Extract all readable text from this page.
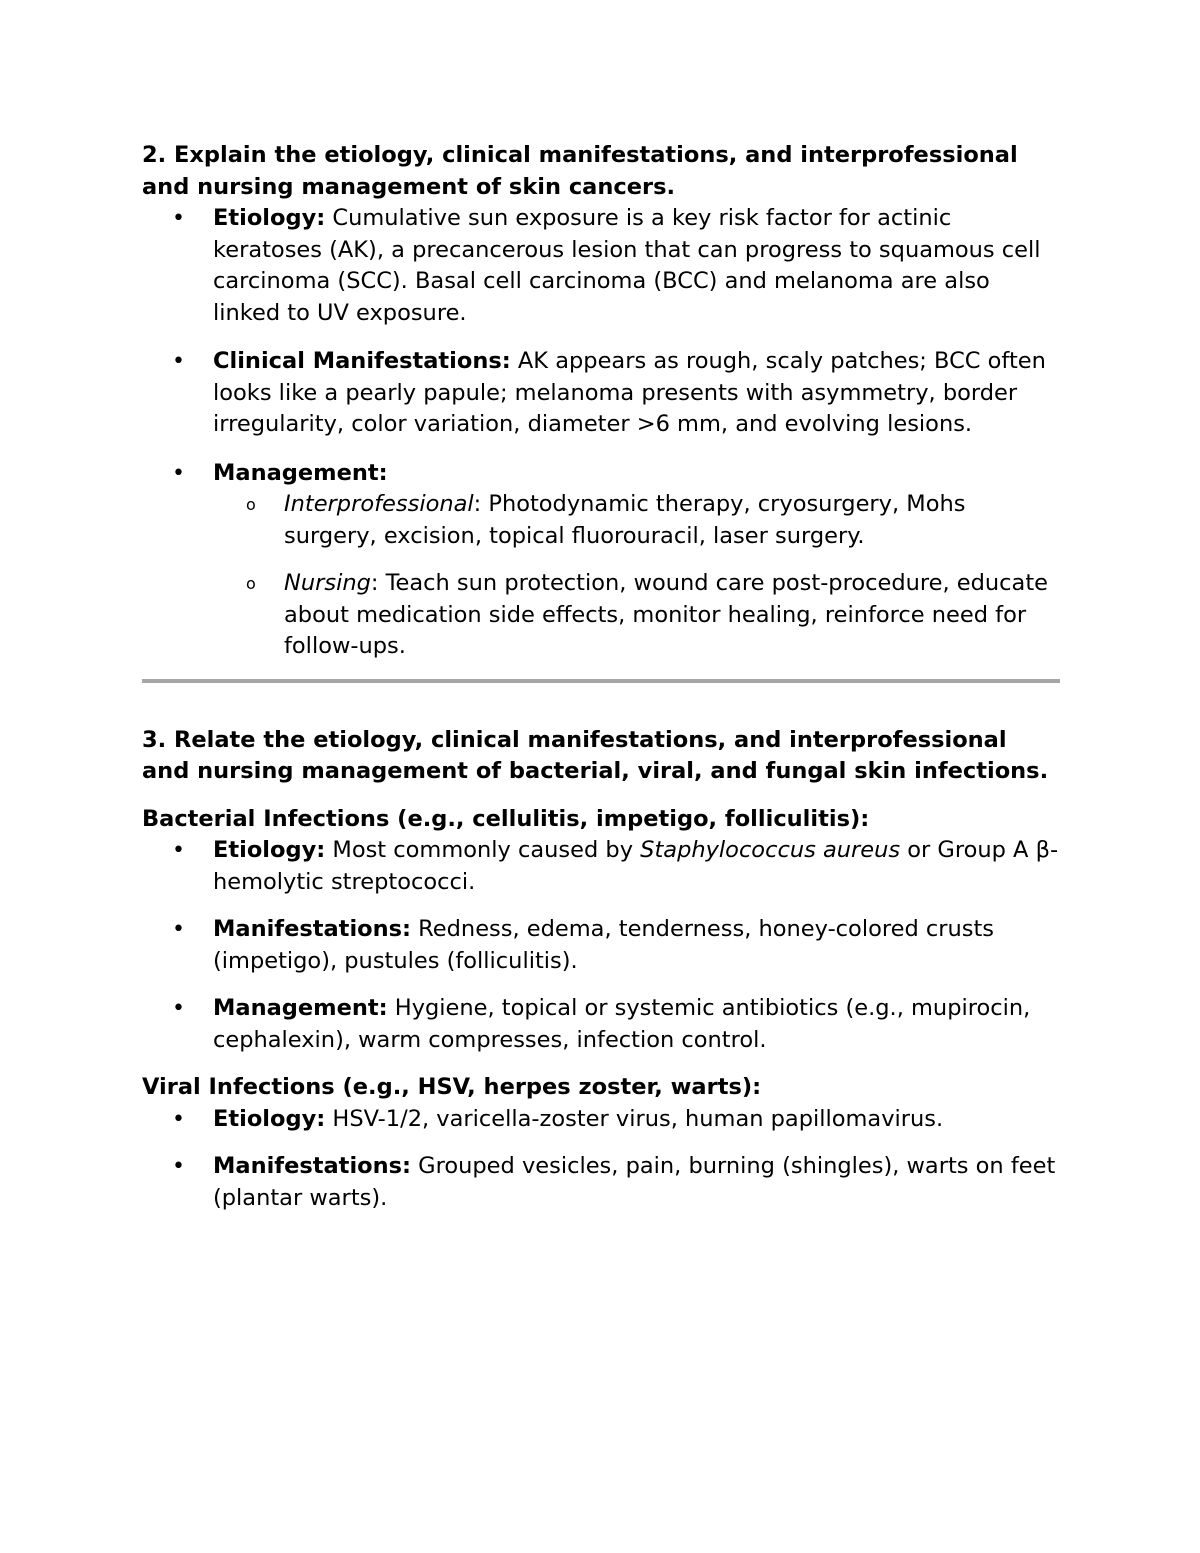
2. Explain the etiology, clinical manifestations, and interprofessional and nursing management of skin cancers.

• Etiology: Cumulative sun exposure is a key risk factor for actinic keratoses (AK), a precancerous lesion that can progress to squamous cell carcinoma (SCC). Basal cell carcinoma (BCC) and melanoma are also linked to UV exposure.
• Clinical Manifestations: AK appears as rough, scaly patches; BCC often looks like a pearly papule; melanoma presents with asymmetry, border irregularity, color variation, diameter >6 mm, and evolving lesions.
• Management:
o Interprofessional: Photodynamic therapy, cryosurgery, Mohs surgery, excision, topical fluorouracil, laser surgery.
o Nursing: Teach sun protection, wound care post-procedure, educate about medication side effects, monitor healing, reinforce need for follow-ups.

3. Relate the etiology, clinical manifestations, and interprofessional and nursing management of bacterial, viral, and fungal skin infections.

Bacterial Infections (e.g., cellulitis, impetigo, folliculitis):

• Etiology: Most commonly caused by Staphylococcus aureus or Group A β-hemolytic streptococci.
• Manifestations: Redness, edema, tenderness, honey-colored crusts (impetigo), pustules (folliculitis).
• Management: Hygiene, topical or systemic antibiotics (e.g., mupirocin, cephalexin), warm compresses, infection control.

Viral Infections (e.g., HSV, herpes zoster, warts):

• Etiology: HSV-1/2, varicella-zoster virus, human papillomavirus.
• Manifestations: Grouped vesicles, pain, burning (shingles), warts on feet (plantar warts).
